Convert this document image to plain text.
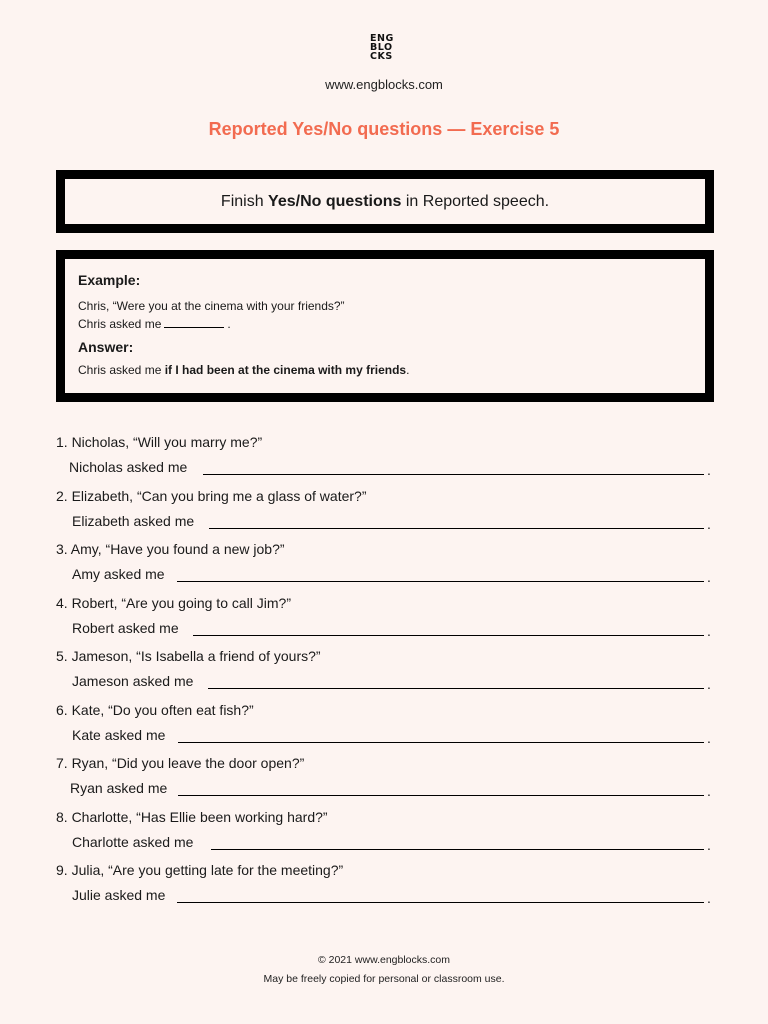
ENG
BLO
CKS
www.engblocks.com
Reported Yes/No questions — Exercise 5
Finish Yes/No questions in Reported speech.
Example:
Chris, “Were you at the cinema with your friends?”
Chris asked me	.
Answer:
Chris asked me if I had been at the cinema with my friends.
1. Nicholas, “Will you marry me?”
Nicholas asked me	.
2. Elizabeth, “Can you bring me a glass of water?”
Elizabeth asked me	.
3. Amy, “Have you found a new job?”
Amy asked me	.
4. Robert, “Are you going to call Jim?”
Robert asked me	.
5. Jameson, “Is Isabella a friend of yours?”
Jameson asked me	.
6. Kate, “Do you often eat fish?”
Kate asked me	.
7. Ryan, “Did you leave the door open?”
Ryan asked me	.
8. Charlotte, “Has Ellie been working hard?”
Charlotte asked me	.
9. Julia, “Are you getting late for the meeting?”
Julie asked me	.
© 2021 www.engblocks.com
May be freely copied for personal or classroom use.
